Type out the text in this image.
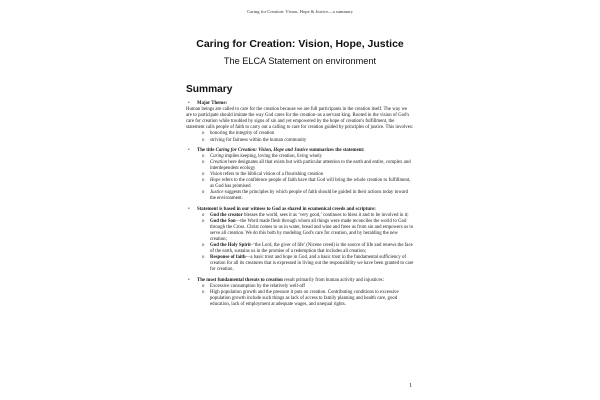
Caring for Creation: Vision, Hope & Justice—a summary
Caring for Creation: Vision, Hope, Justice
The ELCA Statement on environment
Summary
• Major Theme:
Human beings are called to care for the creation because we are full participants in the creation itself. The way we are to participate should imitate the way God cares for the creation–as a servant king. Rooted in the vision of God's care for creation while troubled by signs of sin and yet empowered by the hope of creation's fulfillment, the statement calls people of faith to carry out a calling to care for creation guided by principles of justice. This involves:
o honoring the integrity of creation
o striving for fairness within the human community
• The title Caring for Creation: Vision, Hope and Justice summarizes the statement:
o Caring implies keeping, loving the creation, living wisely
o Creation here designates all that exists but with particular attention to the earth and entire, complex and interdependent ecology
o Vision refers to the biblical vision of a flourishing creation
o Hope refers to the confidence people of faith have that God will bring the whole creation to fulfillment, as God has promised
o Justice suggests the principles by which people of faith should be guided in their actions today toward the environment.
• Statement is based in our witness to God as shared in ecumenical creeds and scripture:
o God the creator blesses the world, sees it as ‘very good,’ continues to bless it and to be involved in it;
o God the Son—the Word made flesh through whom all things were made reconciles the world to God through the Cross. Christ comes to us in water, bread and wine and frees us from sin and empowers us to serve all creation. We do this both by modeling God's care for creation, and by heralding the new creation;
o God the Holy Spirit–‘the Lord, the giver of life’ (Nicene creed) is the source of life and renews the face of the earth, sustains us in the promise of a redemption that includes all creation;
o Response of faith—a basic trust and hope in God, and a basic trust in the fundamental sufficiency of creation for all its creatures that is expressed in living out the responsibility we have been granted to care for creation.
• The most fundamental threats to creation result primarily from human activity and injustices:
o Excessive consumption by the relatively well-off
o High population growth and the pressure it puts on creation. Contributing conditions to excessive population growth include such things as lack of access to family planning and health care, good education, lack of employment at adequate wages, and unequal rights.
1
